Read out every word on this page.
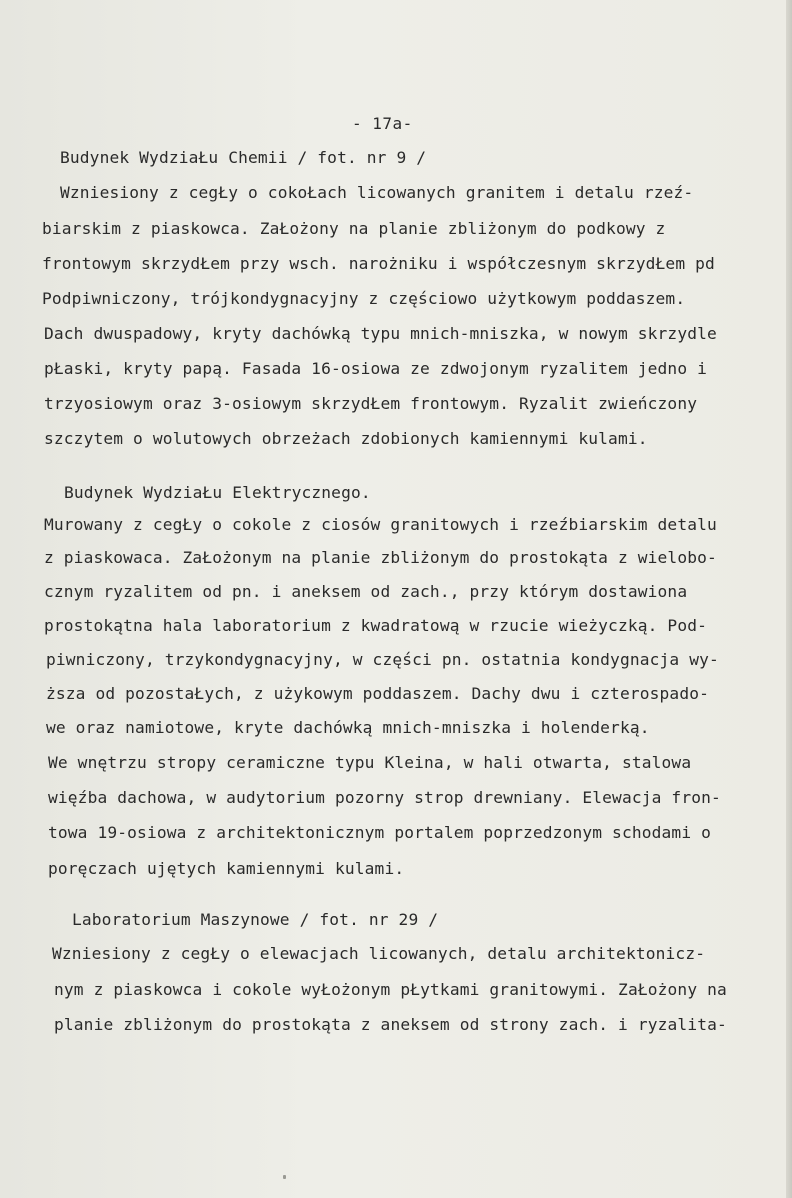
- 17a-
Budynek WydziaŁu Chemii / fot. nr 9 /
Wzniesiony z cegŁy o cokoŁach licowanych granitem i detalu rzeź-
biarskim z piaskowca. ZaŁożony na planie zbliżonym do podkowy z
frontowym skrzydŁem przy wsch. narożniku i współczesnym skrzydŁem pd
Podpiwniczony, trójkondygnacyjny z częściowo użytkowym poddaszem.
Dach dwuspadowy, kryty dachówką typu mnich-mniszka, w nowym skrzydle
pŁaski, kryty papą. Fasada 16-osiowa ze zdwojonym ryzalitem jedno i
trzyosiowym oraz 3-osiowym skrzydŁem frontowym. Ryzalit zwieńczony
szczytem o wolutowych obrzeżach zdobionych kamiennymi kulami.
Budynek WydziaŁu Elektrycznego.
Murowany z cegŁy o cokole z ciosów granitowych i rzeźbiarskim detalu
z piaskowaca. ZaŁożonym na planie zbliżonym do prostokąta z wielobo-
cznym ryzalitem od pn. i aneksem od zach., przy którym dostawiona
prostokątna hala laboratorium z kwadratową w rzucie wieżyczką. Pod-
piwniczony, trzykondygnacyjny, w części pn. ostatnia kondygnacja wy-
ższa od pozostaŁych, z użykowym poddaszem. Dachy dwu i czterospado-
we oraz namiotowe, kryte dachówką mnich-mniszka i holenderką.
We wnętrzu stropy ceramiczne typu Kleina, w hali otwarta, stalowa
więźba dachowa, w audytorium pozorny strop drewniany. Elewacja fron-
towa 19-osiowa z architektonicznym portalem poprzedzonym schodami o
poręczach ujętych kamiennymi kulami.
Laboratorium Maszynowe / fot. nr 29 /
Wzniesiony z cegŁy o elewacjach licowanych, detalu architektonicz-
nym z piaskowca i cokole wyŁożonym pŁytkami granitowymi. ZaŁożony na
planie zbliżonym do prostokąta z aneksem od strony zach. i ryzalita-
